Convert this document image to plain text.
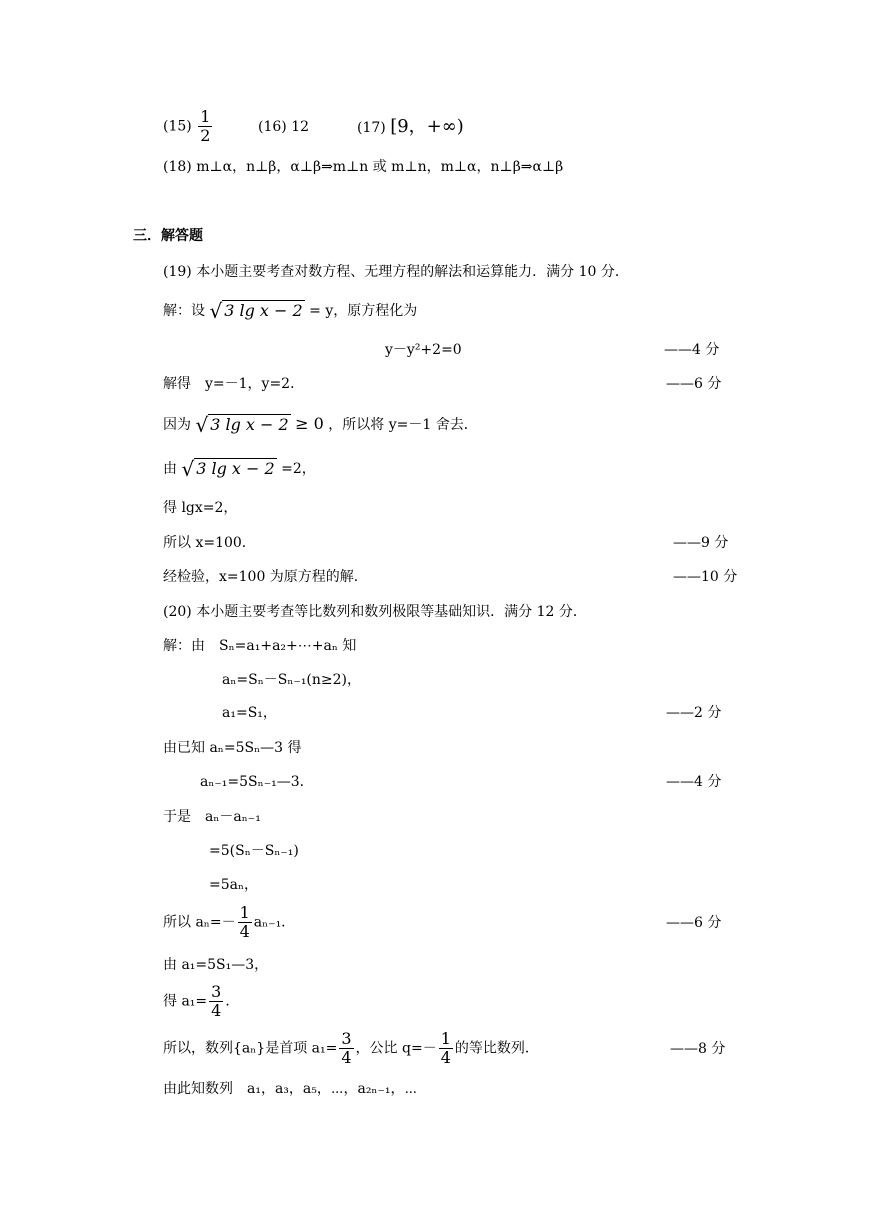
$(15) \frac{1}{2}$	(16) 12	(17) [9，+∞)
(18) m⊥α，n⊥β，α⊥β⇒m⊥n 或 m⊥n，m⊥α，n⊥β⇒α⊥β
三．解答题
(19) 本小题主要考查对数方程、无理方程的解法和运算能力．满分 10 分．
解：设 √ 3 lg x − 2 = y，原方程化为
y－y²+2=0	——4 分
解得　y=－1，y=2．	——6 分
因为 √ 3 lg x − 2 ≥ 0 ，所以将 y=－1 舍去．
由 √ 3 lg x − 2 =2，
得 lgx=2，
所以 x=100．	——9 分
经检验，x=100 为原方程的解．	——10 分
(20) 本小题主要考查等比数列和数列极限等基础知识．满分 12 分．
解：由　Sₙ=a₁+a₂+⋯+aₙ 知
aₙ=Sₙ－Sₙ₋₁(n≥2)，
a₁=S₁，	——2 分
由已知 aₙ=5Sₙ—3 得
aₙ₋₁=5Sₙ₋₁—3．	——4 分
于是　aₙ－aₙ₋₁
=5(Sₙ－Sₙ₋₁)
=5aₙ，
所以 $a_n=- \frac{1}{4} a_{n-1}$．	——6 分
由 a₁=5S₁—3，
得 $a_1= \frac{3}{4}$ ．
所以，数列{aₙ}是首项 $a_1= \frac{3}{4}$ ，公比 $q=- \frac{1}{4}$ 的等比数列．	——8 分
由此知数列　a₁，a₃，a₅，⋯，a₂ₙ₋₁，⋯
